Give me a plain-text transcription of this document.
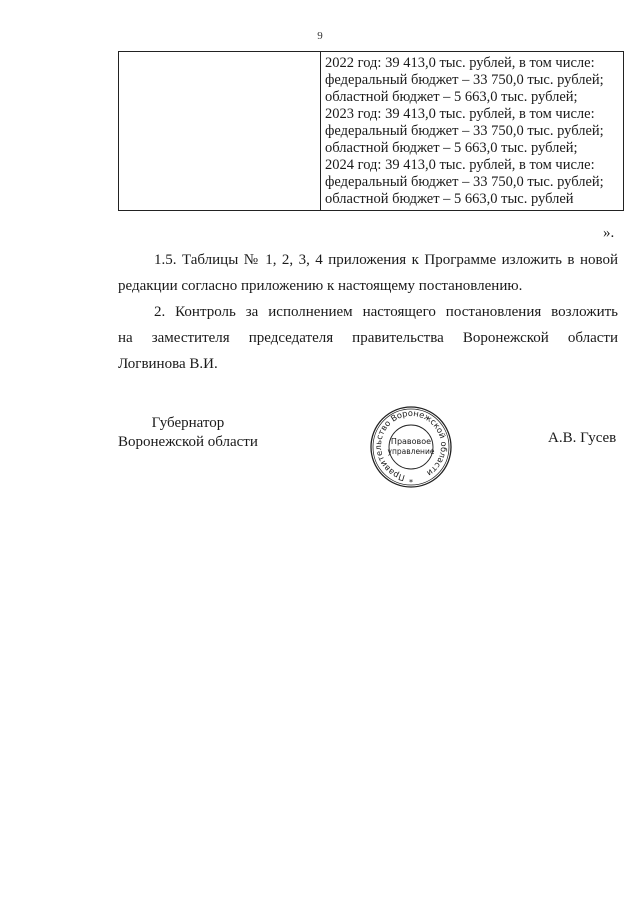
9

2022 год: 39 413,0 тыс. рублей, в том числе:
федеральный бюджет – 33 750,0 тыс. рублей;
областной бюджет – 5 663,0 тыс. рублей;
2023 год: 39 413,0 тыс. рублей, в том числе:
федеральный бюджет – 33 750,0 тыс. рублей;
областной бюджет – 5 663,0 тыс. рублей;
2024 год: 39 413,0 тыс. рублей, в том числе:
федеральный бюджет – 33 750,0 тыс. рублей;
областной бюджет – 5 663,0 тыс. рублей
».
1.5. Таблицы № 1, 2, 3, 4 приложения к Программе изложить в новой
редакции согласно приложению к настоящему постановлению.
2. Контроль за исполнением настоящего постановления возложить
на заместителя председателя правительства Воронежской области
Логвинова В.И.
Губернатор
Воронежской области
Правительство Воронежской области
Правовое
управление
*
А.В. Гусев
